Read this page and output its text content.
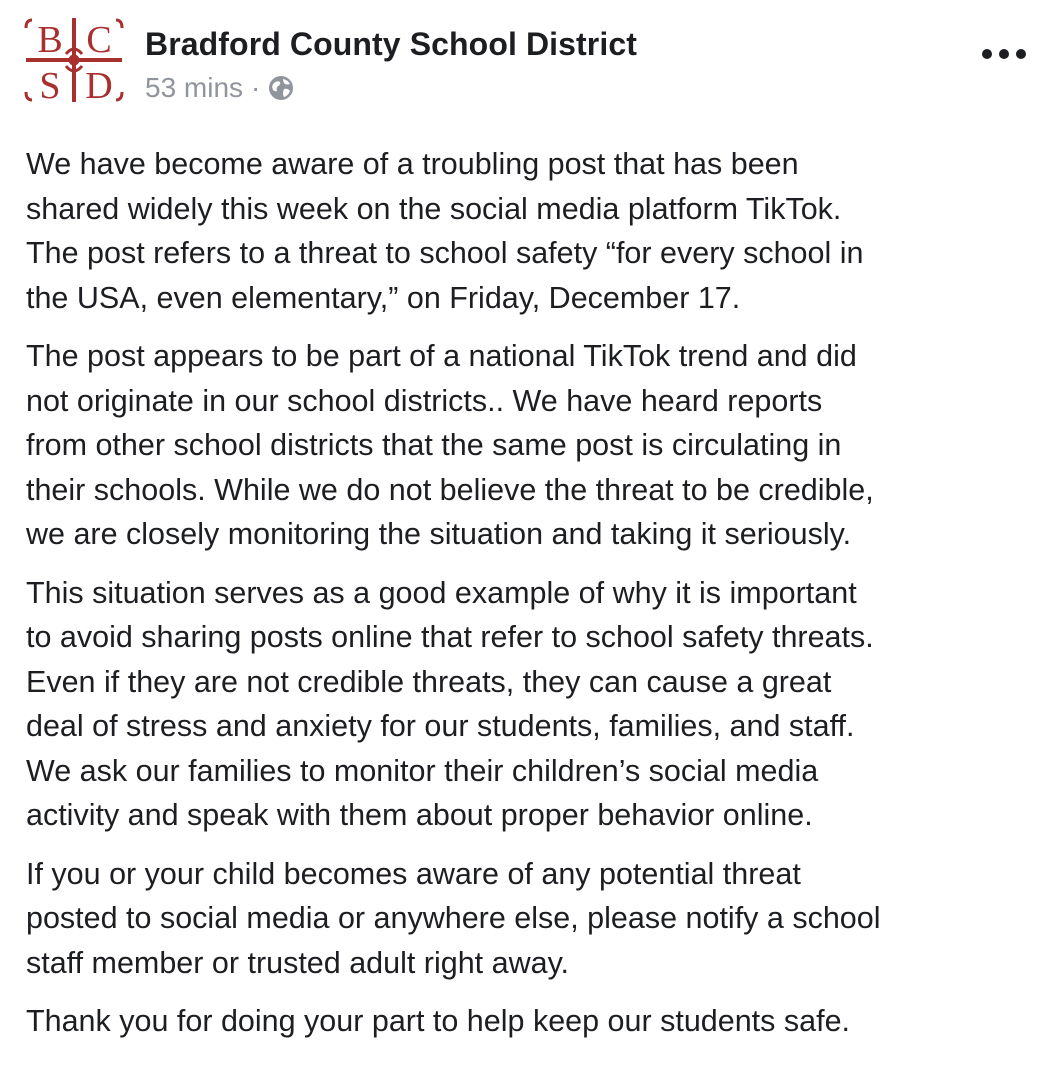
B C
S D
Bradford County School District
53 mins ·

We have become aware of a troubling post that has been
shared widely this week on the social media platform TikTok.
The post refers to a threat to school safety “for every school in
the USA, even elementary,” on Friday, December 17.

The post appears to be part of a national TikTok trend and did
not originate in our school districts.. We have heard reports
from other school districts that the same post is circulating in
their schools. While we do not believe the threat to be credible,
we are closely monitoring the situation and taking it seriously.

This situation serves as a good example of why it is important
to avoid sharing posts online that refer to school safety threats.
Even if they are not credible threats, they can cause a great
deal of stress and anxiety for our students, families, and staff.
We ask our families to monitor their children’s social media
activity and speak with them about proper behavior online.

If you or your child becomes aware of any potential threat
posted to social media or anywhere else, please notify a school
staff member or trusted adult right away.

Thank you for doing your part to help keep our students safe.
